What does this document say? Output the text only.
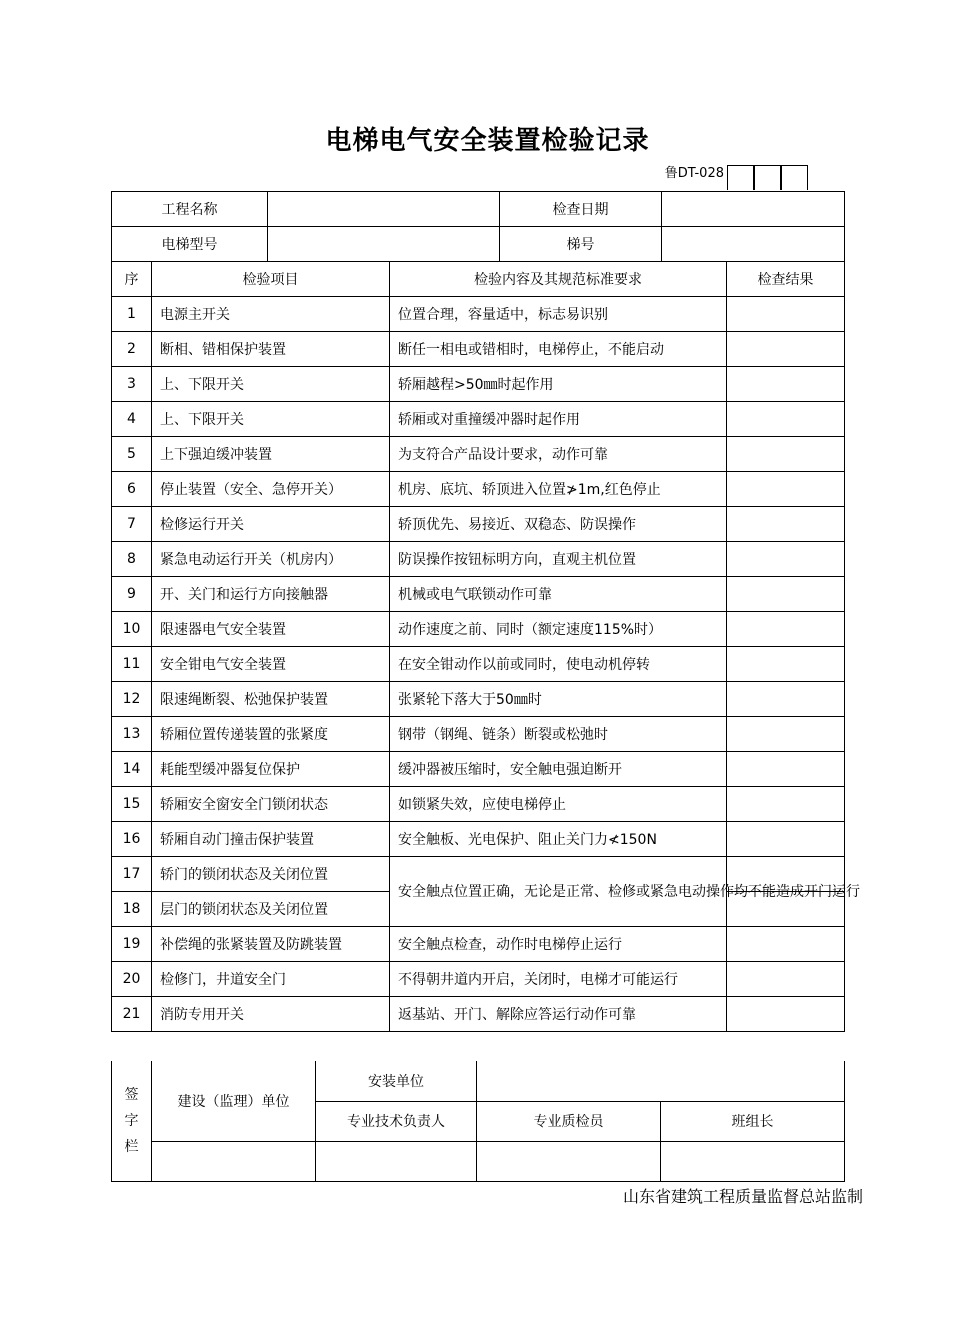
电梯电气安全装置检验记录
鲁DT-028
工程名称				检查日期		
电梯型号				梯号		
序	检验项目		检验内容及其规范标准要求			检查结果
1	电源主开关		位置合理，容量适中，标志易识别			
2	断相、错相保护装置		断任一相电或错相时，电梯停止，不能启动			
3	上、下限开关		轿厢越程>50㎜时起作用			
4	上、下限开关		轿厢或对重撞缓冲器时起作用			
5	上下强迫缓冲装置		为支符合产品设计要求，动作可靠			
6	停止装置（安全、急停开关）		机房、底坑、轿顶进入位置≯1m,红色停止			
7	检修运行开关		轿顶优先、易接近、双稳态、防误操作			
8	紧急电动运行开关（机房内）		防误操作按钮标明方向，直观主机位置			
9	开、关门和运行方向接触器		机械或电气联锁动作可靠			
10	限速器电气安全装置		动作速度之前、同时（额定速度115%时）			
11	安全钳电气安全装置		在安全钳动作以前或同时，使电动机停转			
12	限速绳断裂、松弛保护装置		张紧轮下落大于50㎜时			
13	轿厢位置传递装置的张紧度		钢带（钢绳、链条）断裂或松弛时			
14	耗能型缓冲器复位保护		缓冲器被压缩时，安全触电强迫断开			
15	轿厢安全窗安全门锁闭状态		如锁紧失效，应使电梯停止			
16	轿厢自动门撞击保护装置		安全触板、光电保护、阻止关门力≮150N			
17	轿门的锁闭状态及关闭位置		安全触点位置正确，无论是正常、检修或紧急电动操作均不能造成开门运行			
18	层门的锁闭状态及关闭位置					
19	补偿绳的张紧装置及防跳装置		安全触点检查，动作时电梯停止运行			
20	检修门，井道安全门		不得朝井道内开启，关闭时，电梯才可能运行			
21	消防专用开关		返基站、开门、解除应答运行动作可靠			
签
字
栏	建设（监理）单位	安装单位		
		专业技术负责人	专业质检员	班组长

山东省建筑工程质量监督总站监制
